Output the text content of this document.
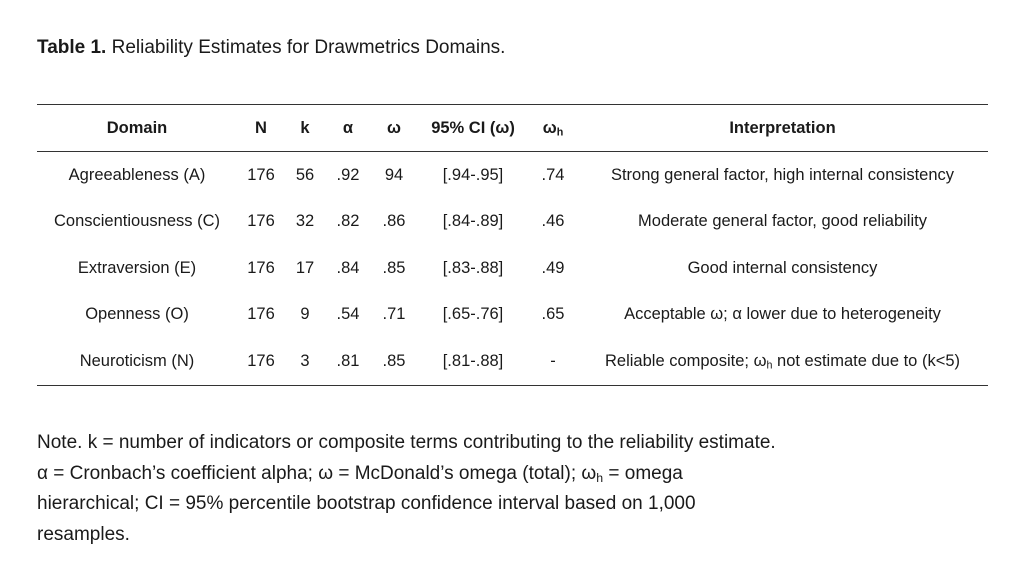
Table 1. Reliability Estimates for Drawmetrics Domains.
Domain	N	k	α	ω	95% CI (ω)	$\omega_h$	Interpretation
Agreeableness (A)	176	56	.92	94	[.94-.95]	.74	Strong general factor, high internal consistency
Conscientiousness (C)	176	32	.82	.86	[.84-.89]	.46	Moderate general factor, good reliability
Extraversion (E)	176	17	.84	.85	[.83-.88]	.49	Good internal consistency
Openness (O)	176	9	.54	.71	[.65-.76]	.65	Acceptable ω; α lower due to heterogeneity
Neuroticism (N)	176	3	.81	.85	[.81-.88]	-	Reliable composite; $\omega_h$ not estimate due to (k<5)
Note. k = number of indicators or composite terms contributing to the reliability estimate.
α = Cronbach’s coefficient alpha; ω = McDonald’s omega (total); $\omega_h$ = omega
hierarchical; CI = 95% percentile bootstrap confidence interval based on 1,000
resamples.
